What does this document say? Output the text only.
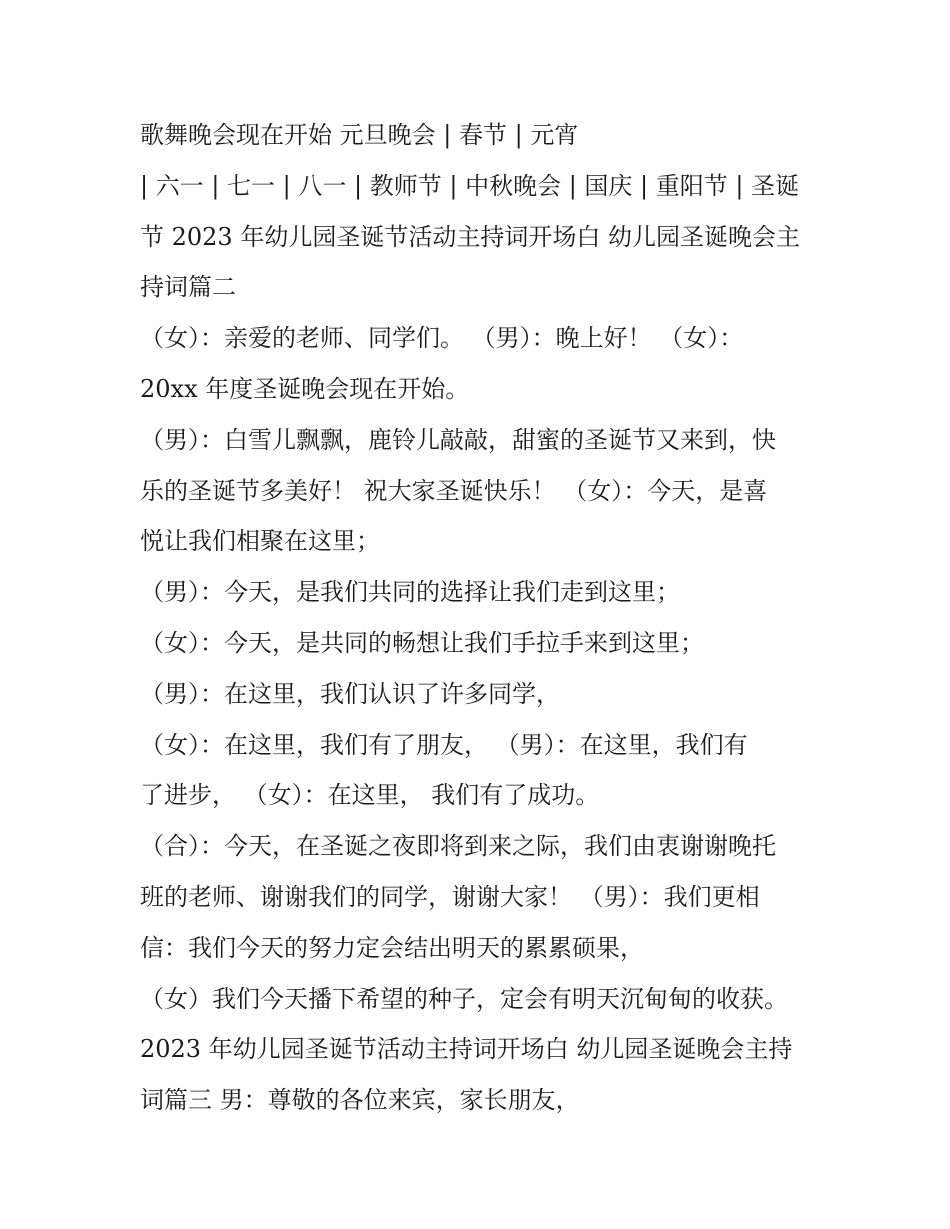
歌舞晚会现在开始 元旦晚会 | 春节 | 元宵
| 六一 | 七一 | 八一 | 教师节 | 中秋晚会 | 国庆 | 重阳节 | 圣诞
节 2023 年幼儿园圣诞节活动主持词开场白 幼儿园圣诞晚会主
持词篇二
（女）：亲爱的老师、同学们。 （男）：晚上好！ （女）：
20xx 年度圣诞晚会现在开始。
（男）：白雪儿飘飘，鹿铃儿敲敲，甜蜜的圣诞节又来到，快
乐的圣诞节多美好！ 祝大家圣诞快乐！ （女）：今天，是喜
悦让我们相聚在这里；
（男）：今天，是我们共同的选择让我们走到这里；
（女）：今天，是共同的畅想让我们手拉手来到这里；
（男）：在这里，我们认识了许多同学，
（女）：在这里，我们有了朋友， （男）：在这里，我们有
了进步， （女）：在这里， 我们有了成功。
（合）：今天，在圣诞之夜即将到来之际，我们由衷谢谢晚托
班的老师、谢谢我们的同学，谢谢大家！ （男）：我们更相
信：我们今天的努力定会结出明天的累累硕果，
（女）我们今天播下希望的种子，定会有明天沉甸甸的收获。
2023 年幼儿园圣诞节活动主持词开场白 幼儿园圣诞晚会主持
词篇三 男：尊敬的各位来宾，家长朋友，
